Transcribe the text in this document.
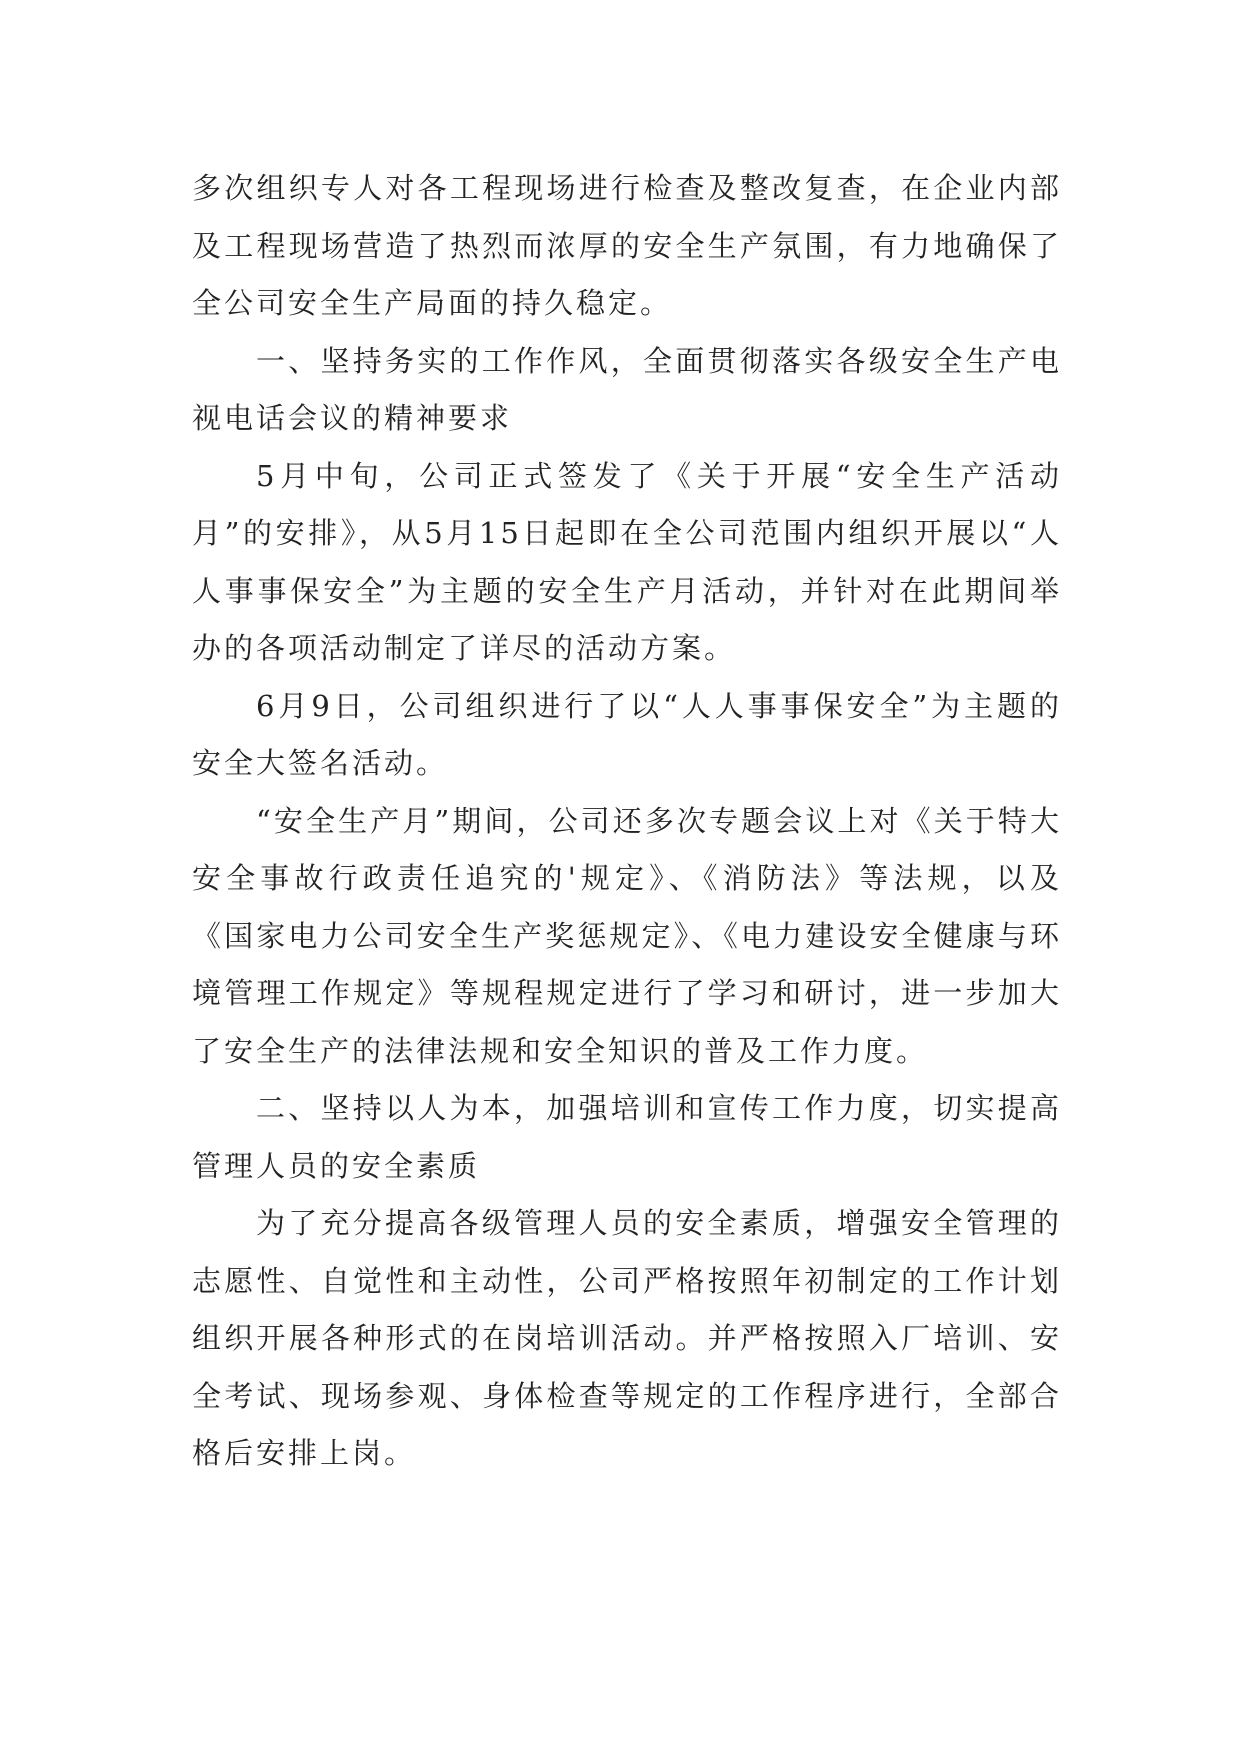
多次组织专人对各工程现场进行检查及整改复查，在企业内部及工程现场营造了热烈而浓厚的安全生产氛围，有力地确保了全公司安全生产局面的持久稳定。

一、坚持务实的工作作风，全面贯彻落实各级安全生产电视电话会议的精神要求

5月中旬，公司正式签发了《关于开展“安全生产活动月”的安排》，从5月15日起即在全公司范围内组织开展以“人人事事保安全”为主题的安全生产月活动，并针对在此期间举办的各项活动制定了详尽的活动方案。

6月9日，公司组织进行了以“人人事事保安全”为主题的安全大签名活动。

“安全生产月”期间，公司还多次专题会议上对《关于特大安全事故行政责任追究的'规定》、《消防法》等法规，以及《国家电力公司安全生产奖惩规定》、《电力建设安全健康与环境管理工作规定》等规程规定进行了学习和研讨，进一步加大了安全生产的法律法规和安全知识的普及工作力度。

二、坚持以人为本，加强培训和宣传工作力度，切实提高管理人员的安全素质

为了充分提高各级管理人员的安全素质，增强安全管理的志愿性、自觉性和主动性，公司严格按照年初制定的工作计划组织开展各种形式的在岗培训活动。并严格按照入厂培训、安全考试、现场参观、身体检查等规定的工作程序进行，全部合格后安排上岗。
